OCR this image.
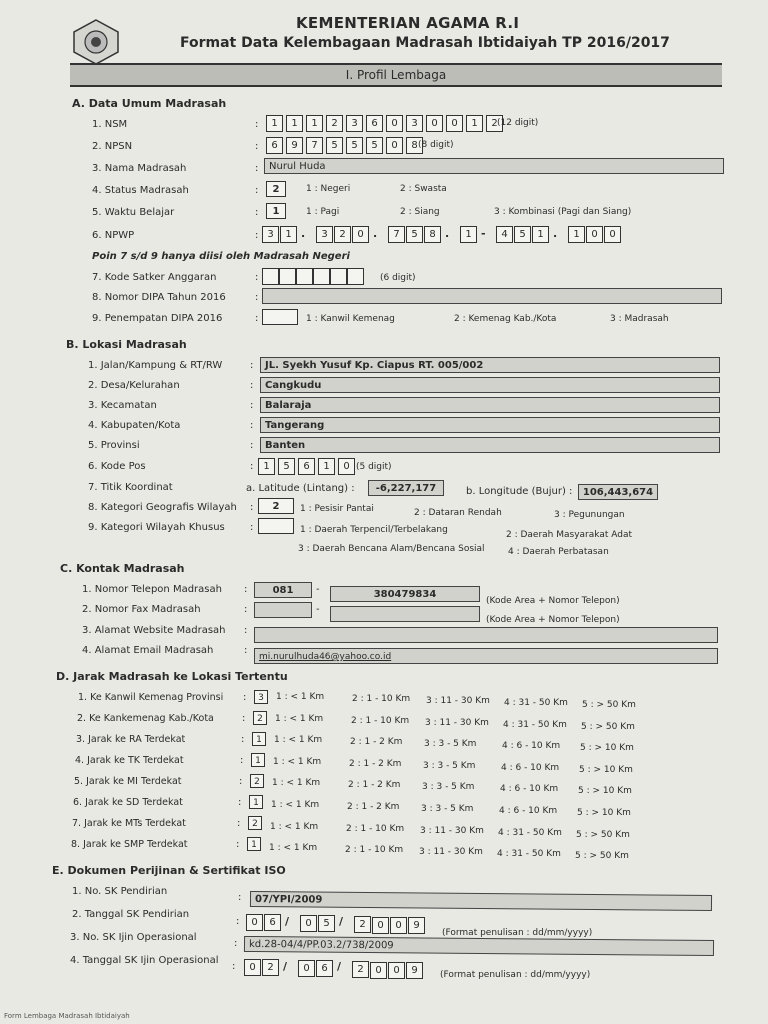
KEMENTERIAN AGAMA R.I
Format Data Kelembagaan Madrasah Ibtidaiyah TP 2016/2017
I. Profil Lembaga
A. Data Umum Madrasah
1. NSM	:	1	1	1	2	3	6	0	3	0	0	1	2 (12 digit)
2. NPSN	:	6	9	7	5	5	5	0	8 (8 digit)
3. Nama Madrasah	:	Nurul Huda
4. Status Madrasah	:	2	1 : Negeri	2 : Swasta
5. Waktu Belajar	:	1	1 : Pagi	2 : Siang	3 : Kombinasi (Pagi dan Siang)
6. NPWP	: 3	1 .	3	2	0 .	7	5	8 .	1 -	4	5	1 .	1	0	0
Poin 7 s/d 9 hanya diisi oleh Madrasah Negeri
7. Kode Satker Anggaran	:	(6 digit)
8. Nomor DIPA Tahun 2016	:
9. Penempatan DIPA 2016	:	1 : Kanwil Kemenag	2 : Kemenag Kab./Kota	3 : Madrasah
B. Lokasi Madrasah
1. Jalan/Kampung & RT/RW	:	JL. Syekh Yusuf Kp. Ciapus RT. 005/002
2. Desa/Kelurahan	:	Cangkudu
3. Kecamatan	:	Balaraja
4. Kabupaten/Kota	:	Tangerang
5. Provinsi	:	Banten
6. Kode Pos	: 1	5	6	1	0 (5 digit)
7. Titik Koordinat	a. Latitude (Lintang) :	-6,227,177	b. Longitude (Bujur) :	106,443,674
8. Kategori Geografis Wilayah :	2	1 : Pesisir Pantai	2 : Dataran Rendah	3 : Pegunungan
9. Kategori Wilayah Khusus	:	1 : Daerah Terpencil/Terbelakang	2 : Daerah Masyarakat Adat
3 : Daerah Bencana Alam/Bencana Sosial	4 : Daerah Perbatasan
C. Kontak Madrasah
1. Nomor Telepon Madrasah :	081	-	380479834
(Kode Area + Nomor Telepon)
2. Nomor Fax Madrasah	:	-
(Kode Area + Nomor Telepon)
3. Alamat Website Madrasah :
4. Alamat Email Madrasah	:
mi.nurulhuda46@yahoo.co.id
D. Jarak Madrasah ke Lokasi Tertentu
1. Ke Kanwil Kemenag Provinsi :	3	1 : < 1 Km	2 : 1 - 10 Km 3 : 11 - 30 Km 4 : 31 - 50 Km 5 : > 50 Km
2. Ke Kankemenag Kab./Kota	:	2	1 : < 1 Km	2 : 1 - 10 Km 3 : 11 - 30 Km 4 : 31 - 50 Km 5 : > 50 Km
3. Jarak ke RA Terdekat	:	1	1 : < 1 Km	2 : 1 - 2 Km 3 : 3 - 5 Km	4 : 6 - 10 Km 5 : > 10 Km
4. Jarak ke TK Terdekat	:	1	1 : < 1 Km	2 : 1 - 2 Km 3 : 3 - 5 Km	4 : 6 - 10 Km 5 : > 10 Km
5. Jarak ke MI Terdekat	:	2	1 : < 1 Km	2 : 1 - 2 Km 3 : 3 - 5 Km	4 : 6 - 10 Km 5 : > 10 Km
6. Jarak ke SD Terdekat	:	1	1 : < 1 Km	2 : 1 - 2 Km 3 : 3 - 5 Km	4 : 6 - 10 Km 5 : > 10 Km
7. Jarak ke MTs Terdekat	:	2	1 : < 1 Km	2 : 1 - 10 Km 3 : 11 - 30 Km 4 : 31 - 50 Km 5 : > 50 Km
8. Jarak ke SMP Terdekat	:	1	1 : < 1 Km	2 : 1 - 10 Km 3 : 11 - 30 Km 4 : 31 - 50 Km 5 : > 50 Km
E. Dokumen Perijinan & Sertifikat ISO
1. No. SK Pendirian
:	07/YPI/2009
2. Tanggal SK Pendirian
:	0	6 /	0	5 /	2	0	0	9
(Format penulisan : dd/mm/yyyy)
3. No. SK Ijin Operasional
:	kd.28-04/4/PP.03.2/738/2009
4. Tanggal SK Ijin Operasional
:	0	2 /	0	6 /	2	0	0	9	(Format penulisan : dd/mm/yyyy)
Form Lembaga Madrasah Ibtidaiyah
